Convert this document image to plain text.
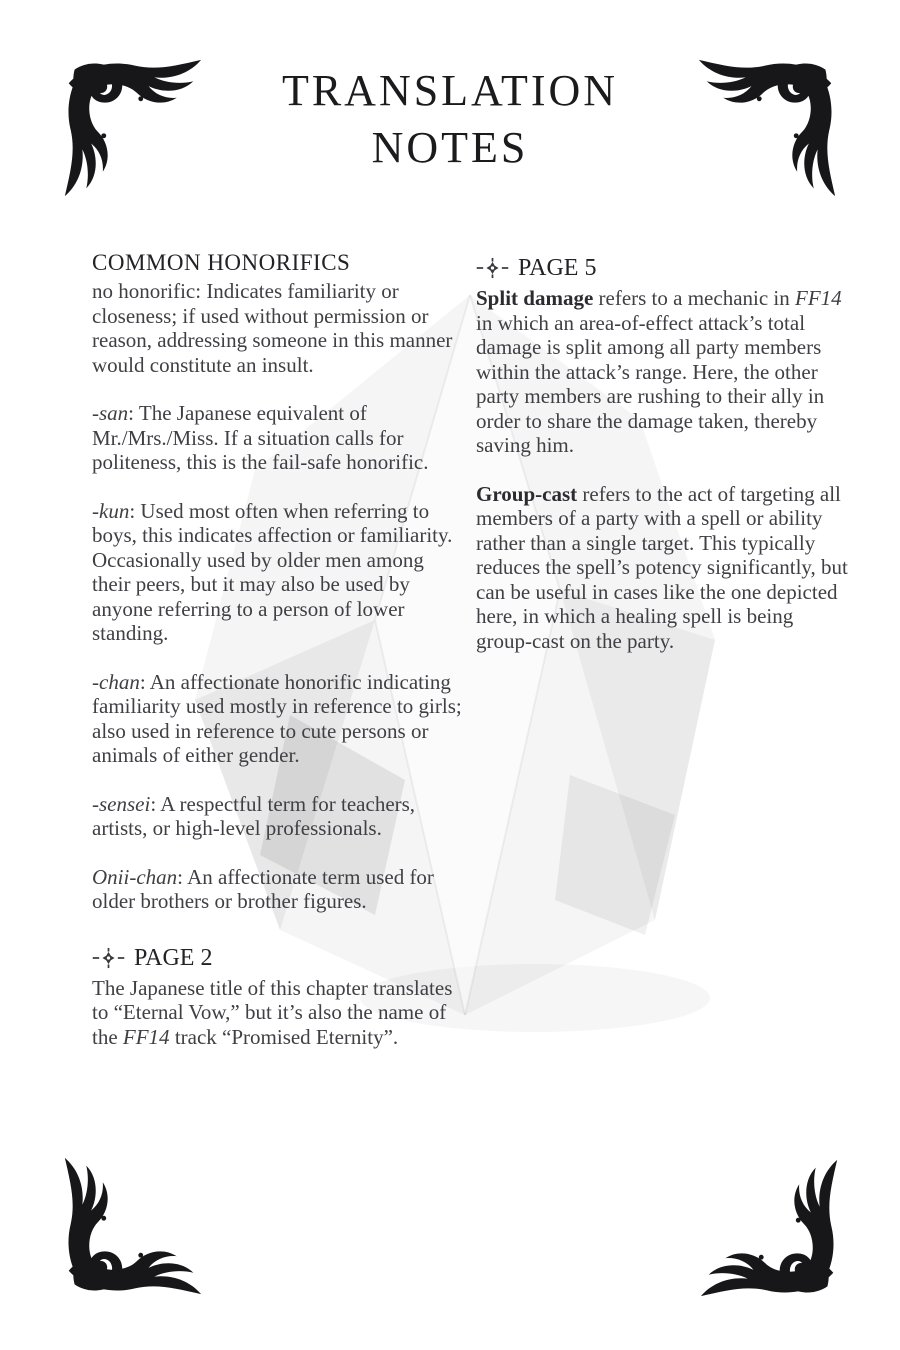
TRANSLATION
NOTES
COMMON HONORIFICS

no honorific: Indicates familiarity or closeness; if used without permission or reason, addressing someone in this manner would constitute an insult.

-san: The Japanese equivalent of Mr./Mrs./Miss. If a situation calls for politeness, this is the fail-safe honorific.

-kun: Used most often when referring to boys, this indicates affection or familiarity. Occasionally used by older men among their peers, but it may also be used by anyone referring to a person of lower standing.

-chan: An affectionate honorific indicating familiarity used mostly in reference to girls; also used in reference to cute persons or animals of either gender.

-sensei: A respectful term for teachers, artists, or high-level professionals.

Onii-chan: An affectionate term used for older brothers or brother figures.

PAGE 2

The Japanese title of this chapter translates to “Eternal Vow,” but it’s also the name of the FF14 track “Promised Eternity”.

PAGE 5

Split damage refers to a mechanic in FF14 in which an area-of-effect attack’s total damage is split among all party members within the attack’s range. Here, the other party members are rushing to their ally in order to share the damage taken, thereby saving him.

Group-cast refers to the act of targeting all members of a party with a spell or ability rather than a single target. This typically reduces the spell’s potency significantly, but can be useful in cases like the one depicted here, in which a healing spell is being group-cast on the party.
